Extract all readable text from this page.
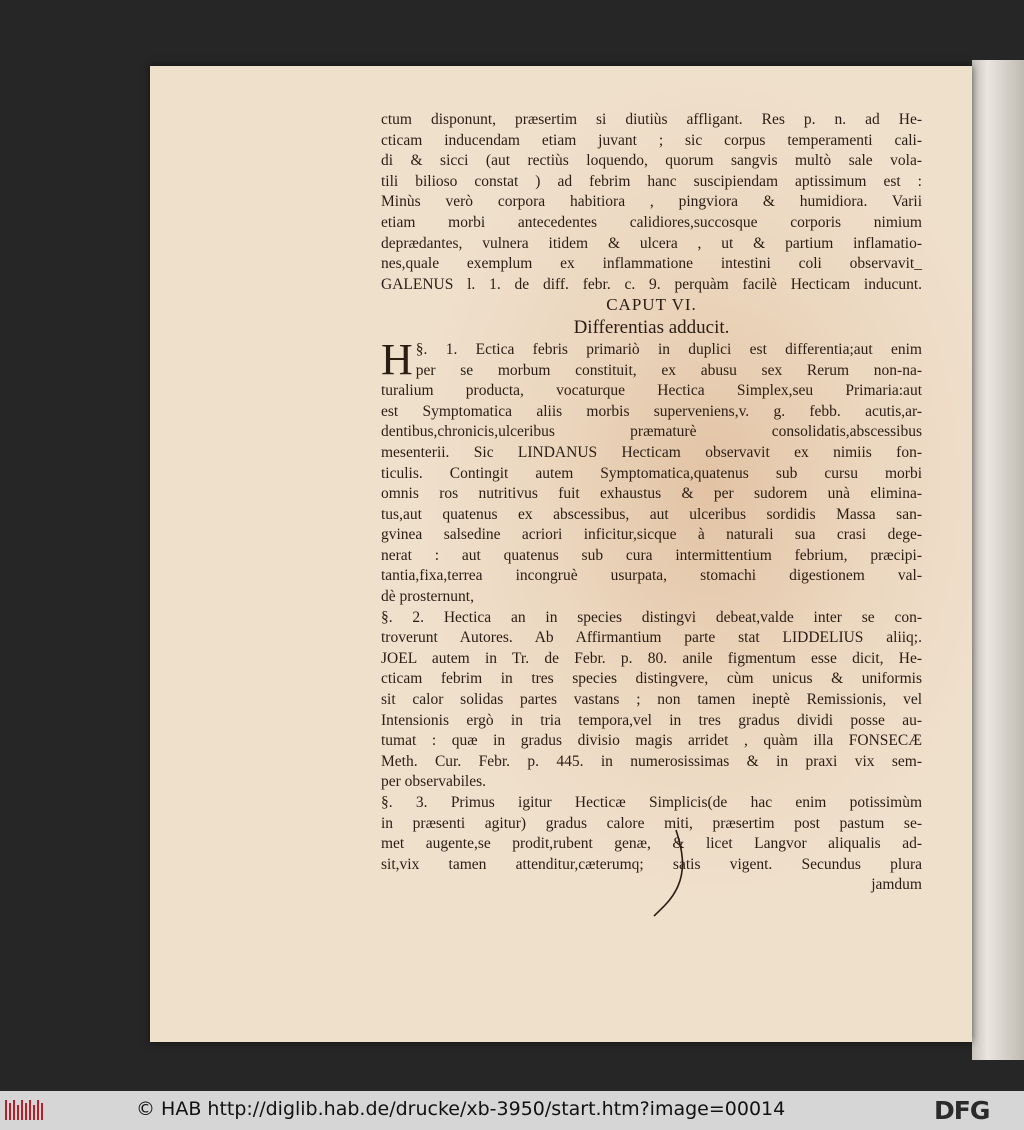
ctum disponunt, præsertim si diutiùs affligant. Res p. n. ad He-
cticam inducendam etiam juvant ; sic corpus temperamenti cali-
di & sicci (aut rectiùs loquendo, quorum sangvis multò sale vola-
tili bilioso constat ) ad febrim hanc suscipiendam aptissimum est :
Minùs verò corpora habitiora , pingviora & humidiora. Varii
etiam morbi antecedentes calidiores,succosque corporis nimium
deprædantes, vulnera itidem & ulcera , ut & partium inflamatio-
nes,quale exemplum ex inflammatione intestini coli observavit_
GALENUS l. 1. de diff. febr. c. 9. perquàm facilè Hecticam inducunt.
CAPUT VI.
Differentias adducit.
H §. 1. Ectica febris primariò in duplici est differentia;aut enim
per se morbum constituit, ex abusu sex Rerum non-na-
turalium producta, vocaturque Hectica Simplex,seu Primaria:aut
est Symptomatica aliis morbis superveniens,v. g. febb. acutis,ar-
dentibus,chronicis,ulceribus præmaturè consolidatis,abscessibus
mesenterii. Sic LINDANUS Hecticam observavit ex nimiis fon-
ticulis. Contingit autem Symptomatica,quatenus sub cursu morbi
omnis ros nutritivus fuit exhaustus & per sudorem unà elimina-
tus,aut quatenus ex abscessibus, aut ulceribus sordidis Massa san-
gvinea salsedine acriori inficitur,sicque à naturali sua crasi dege-
nerat : aut quatenus sub cura intermittentium febrium, præcipi-
tantia,fixa,terrea incongruè usurpata, stomachi digestionem val-
dè prosternunt,
§. 2. Hectica an in species distingvi debeat,valde inter se con-
troverunt Autores. Ab Affirmantium parte stat LIDDELIUS aliiq;.
JOEL autem in Tr. de Febr. p. 80. anile figmentum esse dicit, He-
cticam febrim in tres species distingvere, cùm unicus & uniformis
sit calor solidas partes vastans ; non tamen ineptè Remissionis, vel
Intensionis ergò in tria tempora,vel in tres gradus dividi posse au-
tumat : quæ in gradus divisio magis arridet , quàm illa FONSECÆ
Meth. Cur. Febr. p. 445. in numerosissimas & in praxi vix sem-
per observabiles.
§. 3. Primus igitur Hecticæ Simplicis(de hac enim potissimùm
in præsenti agitur) gradus calore miti, præsertim post pastum se-
met augente,se prodit,rubent genæ, & licet Langvor aliqualis ad-
sit,vix tamen attenditur,cæterumq; satis vigent. Secundus plura
jamdum
© HAB http://diglib.hab.de/drucke/xb-3950/start.htm?image=00014	DFG
